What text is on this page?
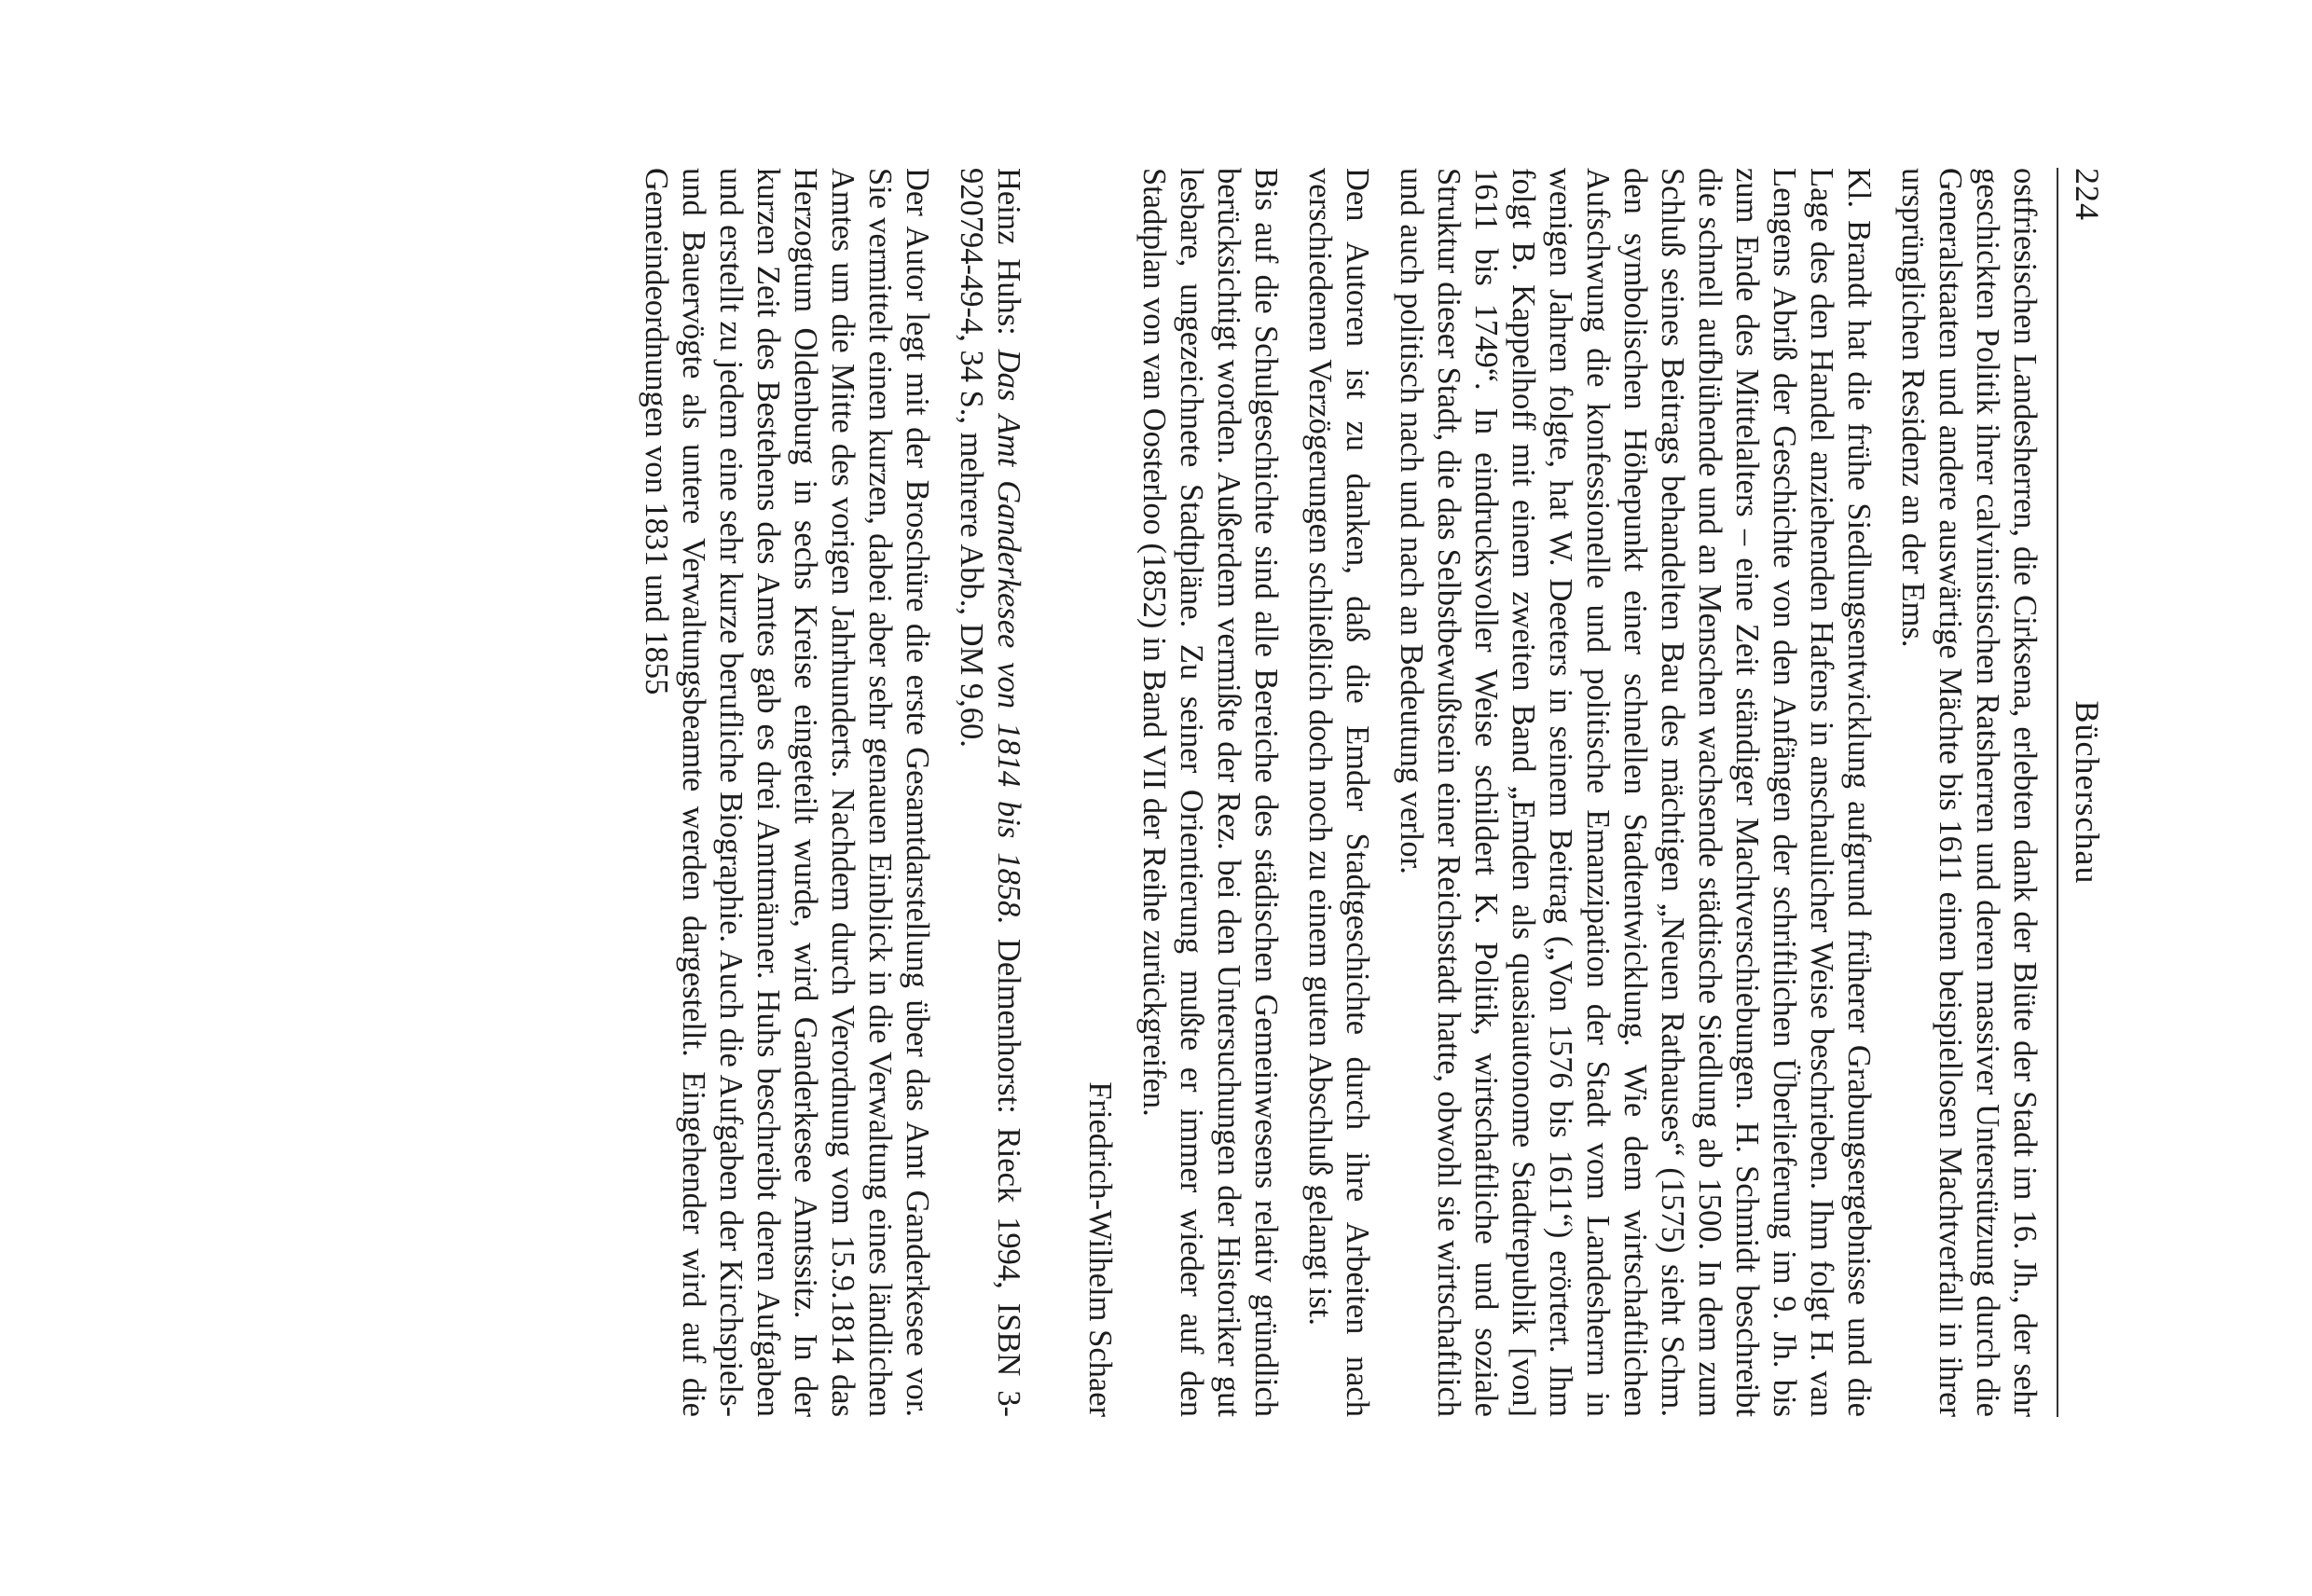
224
Bücherschau

ostfriesischen Landesherren, die Cirksena, erlebten dank der Blüte der Stadt im 16. Jh., der sehr geschickten Politik ihrer calvinistischen Ratsherren und deren massiver Unterstützung durch die Generalstaaten und andere auswärtige Mächte bis 1611 einen beispiellosen Machtverfall in ihrer ursprünglichen Residenz an der Ems.

Kl. Brandt hat die frühe Siedlungsentwicklung aufgrund früherer Grabungsergebnisse und die Lage des den Handel anziehenden Hafens in anschaulicher Weise beschrieben. Ihm folgt H. van Lengens Abriß der Geschichte von den Anfängen der schriftlichen Überlieferung im 9. Jh. bis zum Ende des Mittelalters – eine Zeit ständiger Machtverschiebungen. H. Schmidt beschreibt die schnell aufblühende und an Menschen wachsende städtische Siedlung ab 1500. In dem zum Schluß seines Beitrags behandelten Bau des mächtigen „Neuen Rathauses“ (1575) sieht Schm. den symbolischen Höhepunkt einer schnellen Stadtentwicklung. Wie dem wirtschaftlichen Aufschwung die konfessionelle und politische Emanzipation der Stadt vom Landesherrn in wenigen Jahren folgte, hat W. Deeters in seinem Beitrag („Von 1576 bis 1611“) erörtert. Ihm folgt B. Kappelhoff mit einem zweiten Band „Emden als quasiautonome Stadtrepublik [von] 1611 bis 1749“. In eindrucksvoller Weise schildert K. Politik, wirtschaftliche und soziale Struktur dieser Stadt, die das Selbstbewußtsein einer Reichsstadt hatte, obwohl sie wirtschaftlich und auch politisch nach und nach an Bedeutung verlor.

Den Autoren ist zu danken, daß die Emder Stadtgeschichte durch ihre Arbeiten nach verschiedenen Verzögerungen schließlich doch noch zu einem guten Abschluß gelangt ist.

Bis auf die Schulgeschichte sind alle Bereiche des städischen Gemeinwesens relativ gründlich berücksichtigt worden. Außerdem vermißte der Rez. bei den Untersuchungen der Historiker gut lesbare, ungezeichnete Stadtpläne. Zu seiner Orientierung mußte er immer wieder auf den Stadtplan von van Oosterloo (1852) in Band VII der Reihe zurückgreifen.

Friedrich-Wilhelm Schaer

Heinz Huhs: Das Amt Ganderkesee von 1814 bis 1858. Delmenhorst: Rieck 1994, ISBN 3-920794-49-4, 34 S., mehrere Abb., DM 9,60.

Der Autor legt mit der Broschüre die erste Gesamtdarstellung über das Amt Ganderkesee vor. Sie vermittelt einen kurzen, dabei aber sehr genauen Einblick in die Verwaltung eines ländlichen Amtes um die Mitte des vorigen Jahrhunderts. Nachdem durch Verordnung vom 15.9.1814 das Herzogtum Oldenburg in sechs Kreise eingeteilt wurde, wird Ganderkesee Amtssitz. In der kurzen Zeit des Bestehens des Amtes gab es drei Amtmänner. Huhs beschreibt deren Aufgaben und erstellt zu jedem eine sehr kurze berufliche Biographie. Auch die Aufgaben der Kirchspiels- und Bauervögte als untere Verwaltungsbeamte werden dargestellt. Eingehender wird auf die Gemeindeordnungen von 1831 und 1855
